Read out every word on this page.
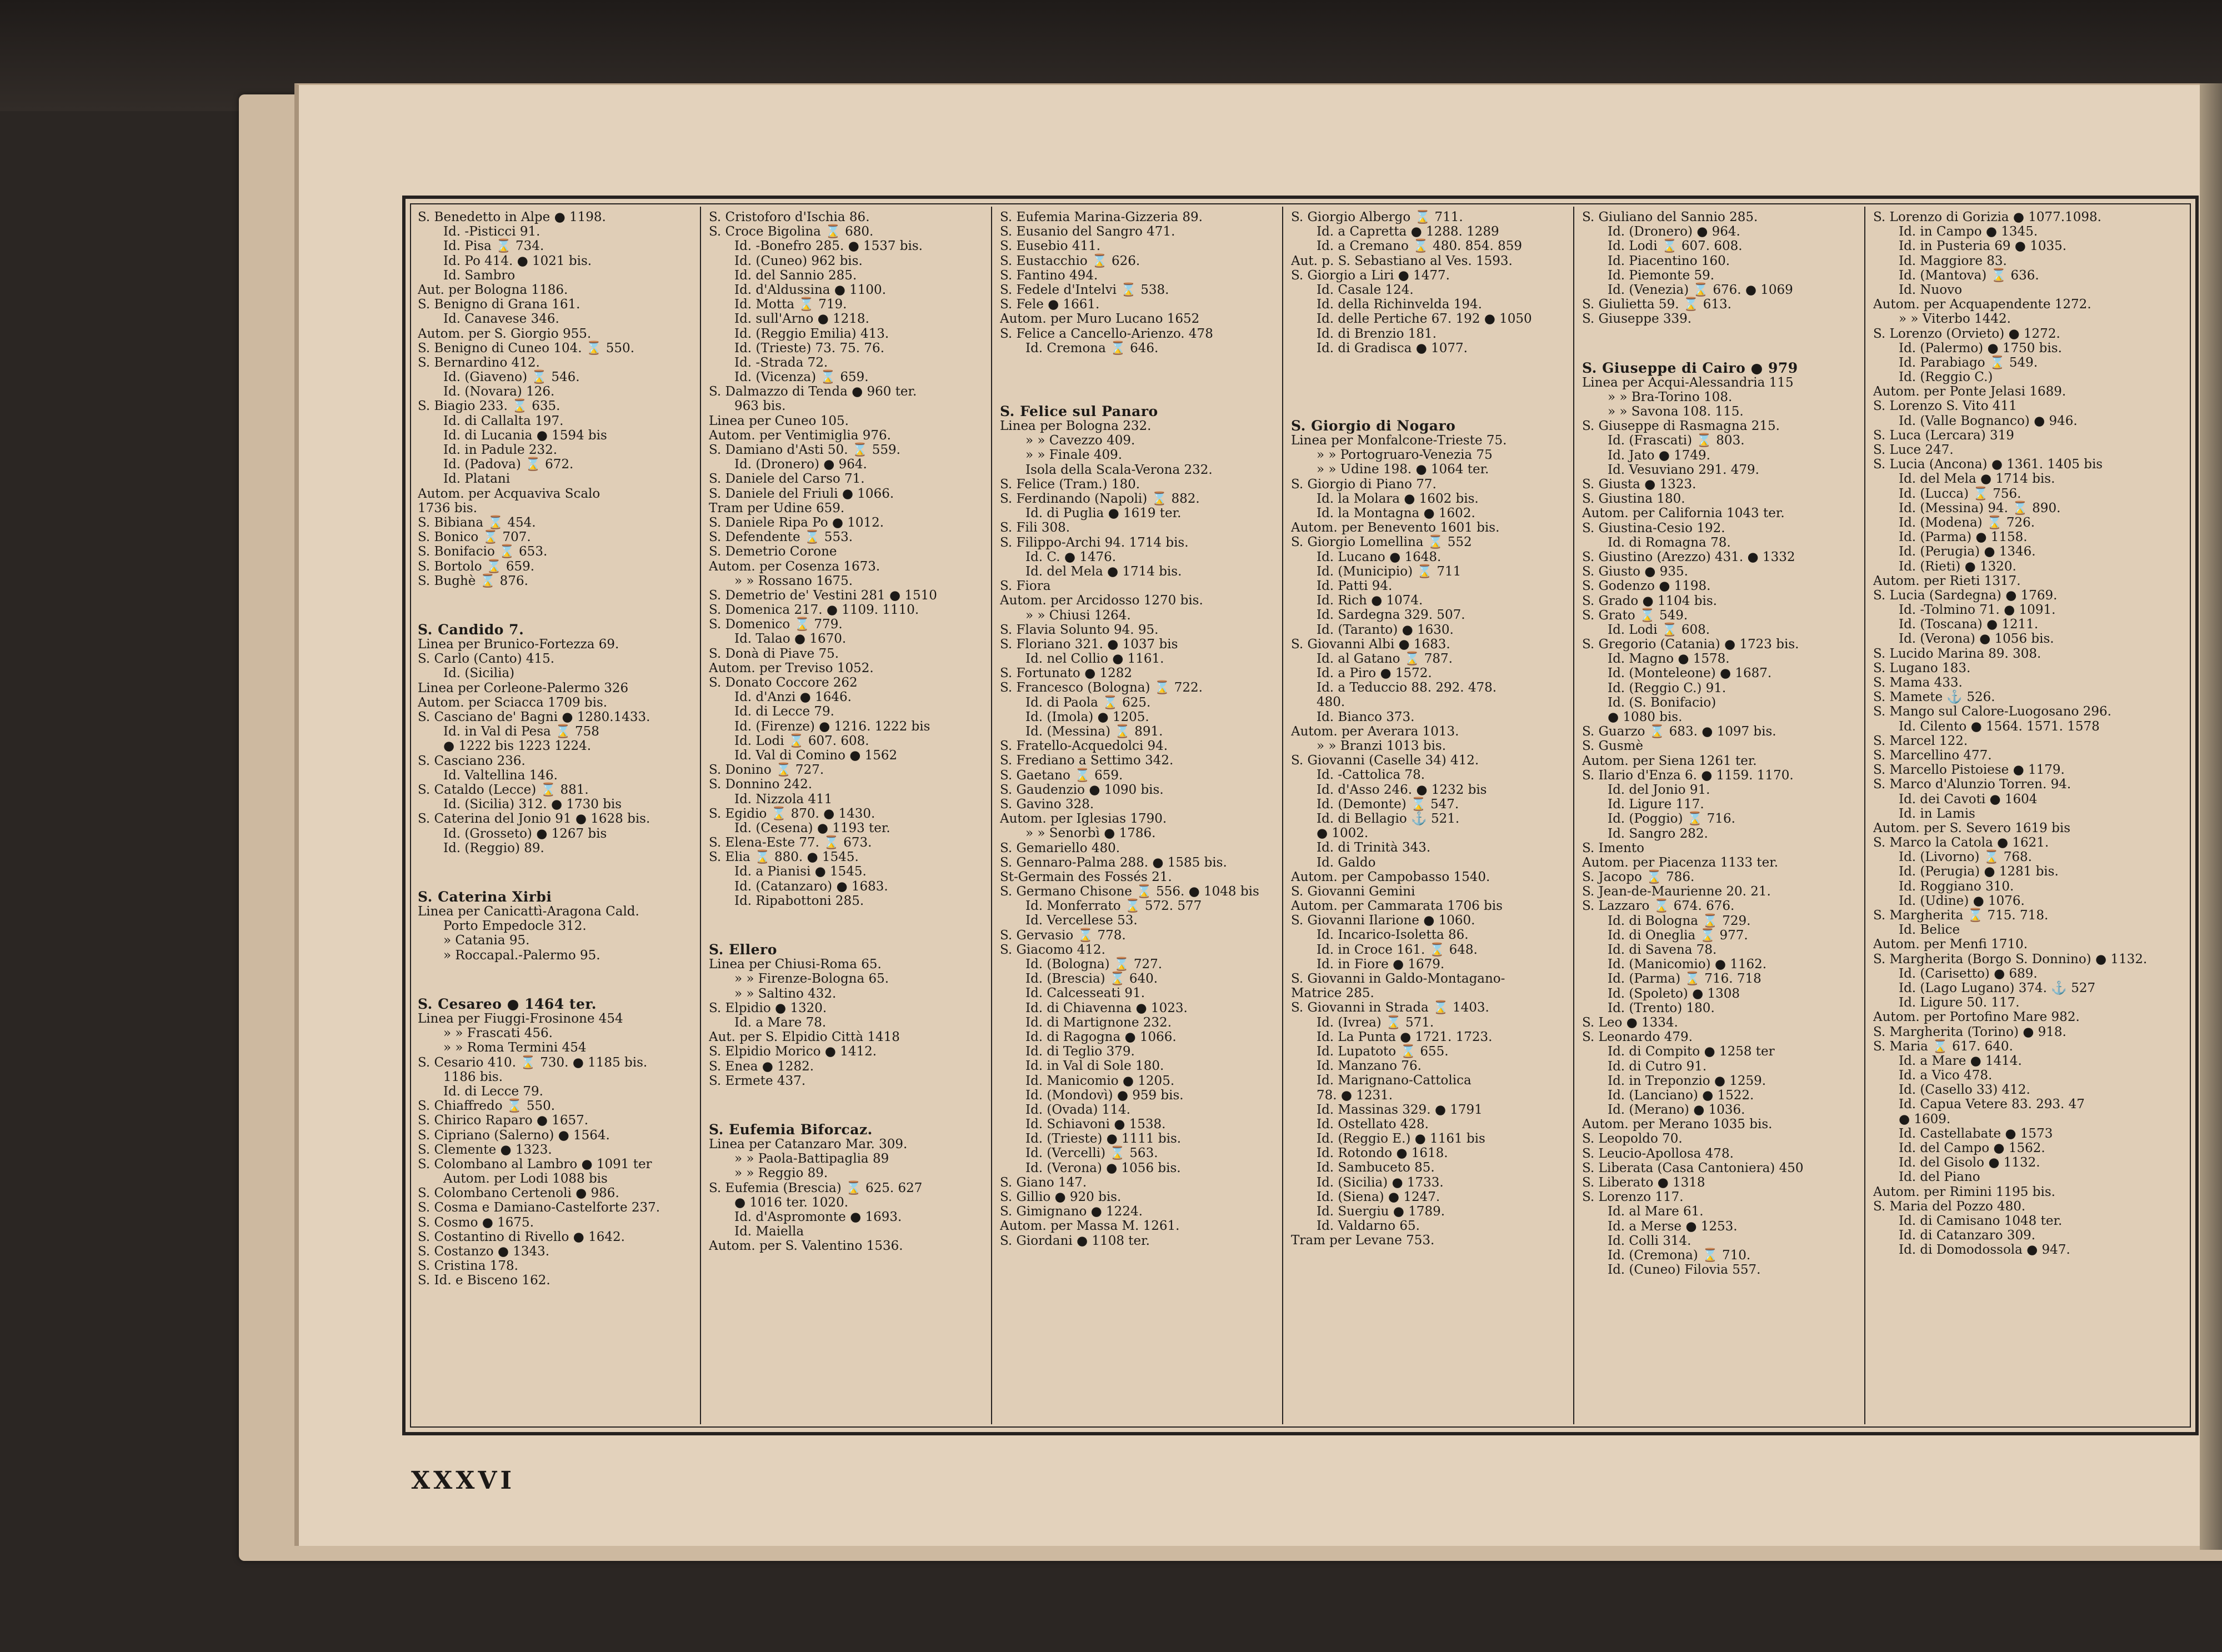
S. Benedetto in Alpe ● 1198.
Id. -Pisticci 91.
Id. Pisa ⌛ 734.
Id. Po 414. ● 1021 bis.
Id. Sambro
Aut. per Bologna 1186.
S. Benigno di Grana 161.
Id. Canavese 346.
Autom. per S. Giorgio 955.
S. Benigno di Cuneo 104. ⌛ 550.
S. Bernardino 412.
Id. (Giaveno) ⌛ 546.
Id. (Novara) 126.
S. Biagio 233. ⌛ 635.
Id. di Callalta 197.
Id. di Lucania ● 1594 bis
Id. in Padule 232.
Id. (Padova) ⌛ 672.
Id. Platani
Autom. per Acquaviva Scalo
1736 bis.
S. Bibiana ⌛ 454.
S. Bonico ⌛ 707.
S. Bonifacio ⌛ 653.
S. Bortolo ⌛ 659.
S. Bughè ⌛ 876.
S. Candido 7.
Linea per Brunico-Fortezza 69.
S. Carlo (Canto) 415.
Id. (Sicilia)
Linea per Corleone-Palermo 326
Autom. per Sciacca 1709 bis.
S. Casciano de' Bagni ● 1280.1433.
Id. in Val di Pesa ⌛ 758
● 1222 bis 1223 1224.
S. Casciano 236.
Id. Valtellina 146.
S. Cataldo (Lecce) ⌛ 881.
Id. (Sicilia) 312. ● 1730 bis
S. Caterina del Jonio 91 ● 1628 bis.
Id. (Grosseto) ● 1267 bis
Id. (Reggio) 89.
S. Caterina Xirbi
Linea per Canicattì-Aragona Cald.
Porto Empedocle 312.
» Catania 95.
» Roccapal.-Palermo 95.
S. Cesareo ● 1464 ter.
Linea per Fiuggi-Frosinone 454
» » Frascati 456.
» » Roma Termini 454
S. Cesario 410. ⌛ 730. ● 1185 bis.
1186 bis.
Id. di Lecce 79.
S. Chiaffredo ⌛ 550.
S. Chirico Raparo ● 1657.
S. Cipriano (Salerno) ● 1564.
S. Clemente ● 1323.
S. Colombano al Lambro ● 1091 ter
Autom. per Lodi 1088 bis
S. Colombano Certenoli ● 986.
S. Cosma e Damiano-Castelforte 237.
S. Cosmo ● 1675.
S. Costantino di Rivello ● 1642.
S. Costanzo ● 1343.
S. Cristina 178.
S. Id. e Bisceno 162.
S. Cristoforo d'Ischia 86.
S. Croce Bigolina ⌛ 680.
Id. -Bonefro 285. ● 1537 bis.
Id. (Cuneo) 962 bis.
Id. del Sannio 285.
Id. d'Aldussina ● 1100.
Id. Motta ⌛ 719.
Id. sull'Arno ● 1218.
Id. (Reggio Emilia) 413.
Id. (Trieste) 73. 75. 76.
Id. -Strada 72.
Id. (Vicenza) ⌛ 659.
S. Dalmazzo di Tenda ● 960 ter.
963 bis.
Linea per Cuneo 105.
Autom. per Ventimiglia 976.
S. Damiano d'Asti 50. ⌛ 559.
Id. (Dronero) ● 964.
S. Daniele del Carso 71.
S. Daniele del Friuli ● 1066.
Tram per Udine 659.
S. Daniele Ripa Po ● 1012.
S. Defendente ⌛ 553.
S. Demetrio Corone
Autom. per Cosenza 1673.
» » Rossano 1675.
S. Demetrio de' Vestini 281 ● 1510
S. Domenica 217. ● 1109. 1110.
S. Domenico ⌛ 779.
Id. Talao ● 1670.
S. Donà di Piave 75.
Autom. per Treviso 1052.
S. Donato Coccore 262
Id. d'Anzi ● 1646.
Id. di Lecce 79.
Id. (Firenze) ● 1216. 1222 bis
Id. Lodi ⌛ 607. 608.
Id. Val di Comino ● 1562
S. Donino ⌛ 727.
S. Donnino 242.
Id. Nizzola 411
S. Egidio ⌛ 870. ● 1430.
Id. (Cesena) ● 1193 ter.
S. Elena-Este 77. ⌛ 673.
S. Elia ⌛ 880. ● 1545.
Id. a Pianisi ● 1545.
Id. (Catanzaro) ● 1683.
Id. Ripabottoni 285.
S. Ellero
Linea per Chiusi-Roma 65.
» » Firenze-Bologna 65.
» » Saltino 432.
S. Elpidio ● 1320.
Id. a Mare 78.
Aut. per S. Elpidio Città 1418
S. Elpidio Morico ● 1412.
S. Enea ● 1282.
S. Ermete 437.
S. Eufemia Biforcaz.
Linea per Catanzaro Mar. 309.
» » Paola-Battipaglia 89
» » Reggio 89.
S. Eufemia (Brescia) ⌛ 625. 627
● 1016 ter. 1020.
Id. d'Aspromonte ● 1693.
Id. Maiella
Autom. per S. Valentino 1536.
S. Eufemia Marina-Gizzeria 89.
S. Eusanio del Sangro 471.
S. Eusebio 411.
S. Eustacchio ⌛ 626.
S. Fantino 494.
S. Fedele d'Intelvi ⌛ 538.
S. Fele ● 1661.
Autom. per Muro Lucano 1652
S. Felice a Cancello-Arienzo. 478
Id. Cremona ⌛ 646.
S. Felice sul Panaro
Linea per Bologna 232.
» » Cavezzo 409.
» » Finale 409.
Isola della Scala-Verona 232.
S. Felice (Tram.) 180.
S. Ferdinando (Napoli) ⌛ 882.
Id. di Puglia ● 1619 ter.
S. Fili 308.
S. Filippo-Archi 94. 1714 bis.
Id. C. ● 1476.
Id. del Mela ● 1714 bis.
S. Fiora
Autom. per Arcidosso 1270 bis.
» » Chiusi 1264.
S. Flavia Solunto 94. 95.
S. Floriano 321. ● 1037 bis
Id. nel Collio ● 1161.
S. Fortunato ● 1282
S. Francesco (Bologna) ⌛ 722.
Id. di Paola ⌛ 625.
Id. (Imola) ● 1205.
Id. (Messina) ⌛ 891.
S. Fratello-Acquedolci 94.
S. Frediano a Settimo 342.
S. Gaetano ⌛ 659.
S. Gaudenzio ● 1090 bis.
S. Gavino 328.
Autom. per Iglesias 1790.
» » Senorbì ● 1786.
S. Gemariello 480.
S. Gennaro-Palma 288. ● 1585 bis.
St-Germain des Fossés 21.
S. Germano Chisone ⌛ 556. ● 1048 bis
Id. Monferrato ⌛ 572. 577
Id. Vercellese 53.
S. Gervasio ⌛ 778.
S. Giacomo 412.
Id. (Bologna) ⌛ 727.
Id. (Brescia) ⌛ 640.
Id. Calcesseati 91.
Id. di Chiavenna ● 1023.
Id. di Martignone 232.
Id. di Ragogna ● 1066.
Id. di Teglio 379.
Id. in Val di Sole 180.
Id. Manicomio ● 1205.
Id. (Mondovì) ● 959 bis.
Id. (Ovada) 114.
Id. Schiavoni ● 1538.
Id. (Trieste) ● 1111 bis.
Id. (Vercelli) ⌛ 563.
Id. (Verona) ● 1056 bis.
S. Giano 147.
S. Gillio ● 920 bis.
S. Gimignano ● 1224.
Autom. per Massa M. 1261.
S. Giordani ● 1108 ter.
S. Giorgio Albergo ⌛ 711.
Id. a Capretta ● 1288. 1289
Id. a Cremano ⌛ 480. 854. 859
Aut. p. S. Sebastiano al Ves. 1593.
S. Giorgio a Liri ● 1477.
Id. Casale 124.
Id. della Richinvelda 194.
Id. delle Pertiche 67. 192 ● 1050
Id. di Brenzio 181.
Id. di Gradisca ● 1077.
S. Giorgio di Nogaro
Linea per Monfalcone-Trieste 75.
» » Portogruaro-Venezia 75
» » Udine 198. ● 1064 ter.
S. Giorgio di Piano 77.
Id. la Molara ● 1602 bis.
Id. la Montagna ● 1602.
Autom. per Benevento 1601 bis.
S. Giorgio Lomellina ⌛ 552
Id. Lucano ● 1648.
Id. (Municipio) ⌛ 711
Id. Patti 94.
Id. Rich ● 1074.
Id. Sardegna 329. 507.
Id. (Taranto) ● 1630.
S. Giovanni Albi ● 1683.
Id. al Gatano ⌛ 787.
Id. a Piro ● 1572.
Id. a Teduccio 88. 292. 478.
480.
Id. Bianco 373.
Autom. per Averara 1013.
» » Branzi 1013 bis.
S. Giovanni (Caselle 34) 412.
Id. -Cattolica 78.
Id. d'Asso 246. ● 1232 bis
Id. (Demonte) ⌛ 547.
Id. di Bellagio ⚓ 521.
● 1002.
Id. di Trinità 343.
Id. Galdo
Autom. per Campobasso 1540.
S. Giovanni Gemini
Autom. per Cammarata 1706 bis
S. Giovanni Ilarione ● 1060.
Id. Incarico-Isoletta 86.
Id. in Croce 161. ⌛ 648.
Id. in Fiore ● 1679.
S. Giovanni in Galdo-Montagano-
Matrice 285.
S. Giovanni in Strada ⌛ 1403.
Id. (Ivrea) ⌛ 571.
Id. La Punta ● 1721. 1723.
Id. Lupatoto ⌛ 655.
Id. Manzano 76.
Id. Marignano-Cattolica
78. ● 1231.
Id. Massinas 329. ● 1791
Id. Ostellato 428.
Id. (Reggio E.) ● 1161 bis
Id. Rotondo ● 1618.
Id. Sambuceto 85.
Id. (Sicilia) ● 1733.
Id. (Siena) ● 1247.
Id. Suergiu ● 1789.
Id. Valdarno 65.
Tram per Levane 753.
S. Giuliano del Sannio 285.
Id. (Dronero) ● 964.
Id. Lodi ⌛ 607. 608.
Id. Piacentino 160.
Id. Piemonte 59.
Id. (Venezia) ⌛ 676. ● 1069
S. Giulietta 59. ⌛ 613.
S. Giuseppe 339.
S. Giuseppe di Cairo ● 979
Linea per Acqui-Alessandria 115
» » Bra-Torino 108.
» » Savona 108. 115.
S. Giuseppe di Rasmagna 215.
Id. (Frascati) ⌛ 803.
Id. Jato ● 1749.
Id. Vesuviano 291. 479.
S. Giusta ● 1323.
S. Giustina 180.
Autom. per California 1043 ter.
S. Giustina-Cesio 192.
Id. di Romagna 78.
S. Giustino (Arezzo) 431. ● 1332
S. Giusto ● 935.
S. Godenzo ● 1198.
S. Grado ● 1104 bis.
S. Grato ⌛ 549.
Id. Lodi ⌛ 608.
S. Gregorio (Catania) ● 1723 bis.
Id. Magno ● 1578.
Id. (Monteleone) ● 1687.
Id. (Reggio C.) 91.
Id. (S. Bonifacio)
● 1080 bis.
S. Guarzo ⌛ 683. ● 1097 bis.
S. Gusmè
Autom. per Siena 1261 ter.
S. Ilario d'Enza 6. ● 1159. 1170.
Id. del Jonio 91.
Id. Ligure 117.
Id. (Poggio) ⌛ 716.
Id. Sangro 282.
S. Imento
Autom. per Piacenza 1133 ter.
S. Jacopo ⌛ 786.
S. Jean-de-Maurienne 20. 21.
S. Lazzaro ⌛ 674. 676.
Id. di Bologna ⌛ 729.
Id. di Oneglia ⌛ 977.
Id. di Savena 78.
Id. (Manicomio) ● 1162.
Id. (Parma) ⌛ 716. 718
Id. (Spoleto) ● 1308
Id. (Trento) 180.
S. Leo ● 1334.
S. Leonardo 479.
Id. di Compito ● 1258 ter
Id. di Cutro 91.
Id. in Treponzio ● 1259.
Id. (Lanciano) ● 1522.
Id. (Merano) ● 1036.
Autom. per Merano 1035 bis.
S. Leopoldo 70.
S. Leucio-Apollosa 478.
S. Liberata (Casa Cantoniera) 450
S. Liberato ● 1318
S. Lorenzo 117.
Id. al Mare 61.
Id. a Merse ● 1253.
Id. Colli 314.
Id. (Cremona) ⌛ 710.
Id. (Cuneo) Filovia 557.
S. Lorenzo di Gorizia ● 1077.1098.
Id. in Campo ● 1345.
Id. in Pusteria 69 ● 1035.
Id. Maggiore 83.
Id. (Mantova) ⌛ 636.
Id. Nuovo
Autom. per Acquapendente 1272.
» » Viterbo 1442.
S. Lorenzo (Orvieto) ● 1272.
Id. (Palermo) ● 1750 bis.
Id. Parabiago ⌛ 549.
Id. (Reggio C.)
Autom. per Ponte Jelasi 1689.
S. Lorenzo S. Vito 411
Id. (Valle Bognanco) ● 946.
S. Luca (Lercara) 319
S. Luce 247.
S. Lucia (Ancona) ● 1361. 1405 bis
Id. del Mela ● 1714 bis.
Id. (Lucca) ⌛ 756.
Id. (Messina) 94. ⌛ 890.
Id. (Modena) ⌛ 726.
Id. (Parma) ● 1158.
Id. (Perugia) ● 1346.
Id. (Rieti) ● 1320.
Autom. per Rieti 1317.
S. Lucia (Sardegna) ● 1769.
Id. -Tolmino 71. ● 1091.
Id. (Toscana) ● 1211.
Id. (Verona) ● 1056 bis.
S. Lucido Marina 89. 308.
S. Lugano 183.
S. Mama 433.
S. Mamete ⚓ 526.
S. Mango sul Calore-Luogosano 296.
Id. Cilento ● 1564. 1571. 1578
S. Marcel 122.
S. Marcellino 477.
S. Marcello Pistoiese ● 1179.
S. Marco d'Alunzio Torren. 94.
Id. dei Cavoti ● 1604
Id. in Lamis
Autom. per S. Severo 1619 bis
S. Marco la Catola ● 1621.
Id. (Livorno) ⌛ 768.
Id. (Perugia) ● 1281 bis.
Id. Roggiano 310.
Id. (Udine) ● 1076.
S. Margherita ⌛ 715. 718.
Id. Belice
Autom. per Menfi 1710.
S. Margherita (Borgo S. Donnino) ● 1132.
Id. (Carisetto) ● 689.
Id. (Lago Lugano) 374. ⚓ 527
Id. Ligure 50. 117.
Autom. per Portofino Mare 982.
S. Margherita (Torino) ● 918.
S. Maria ⌛ 617. 640.
Id. a Mare ● 1414.
Id. a Vico 478.
Id. (Casello 33) 412.
Id. Capua Vetere 83. 293. 47
● 1609.
Id. Castellabate ● 1573
Id. del Campo ● 1562.
Id. del Gisolo ● 1132.
Id. del Piano
Autom. per Rimini 1195 bis.
S. Maria del Pozzo 480.
Id. di Camisano 1048 ter.
Id. di Catanzaro 309.
Id. di Domodossola ● 947.
XXXVI
